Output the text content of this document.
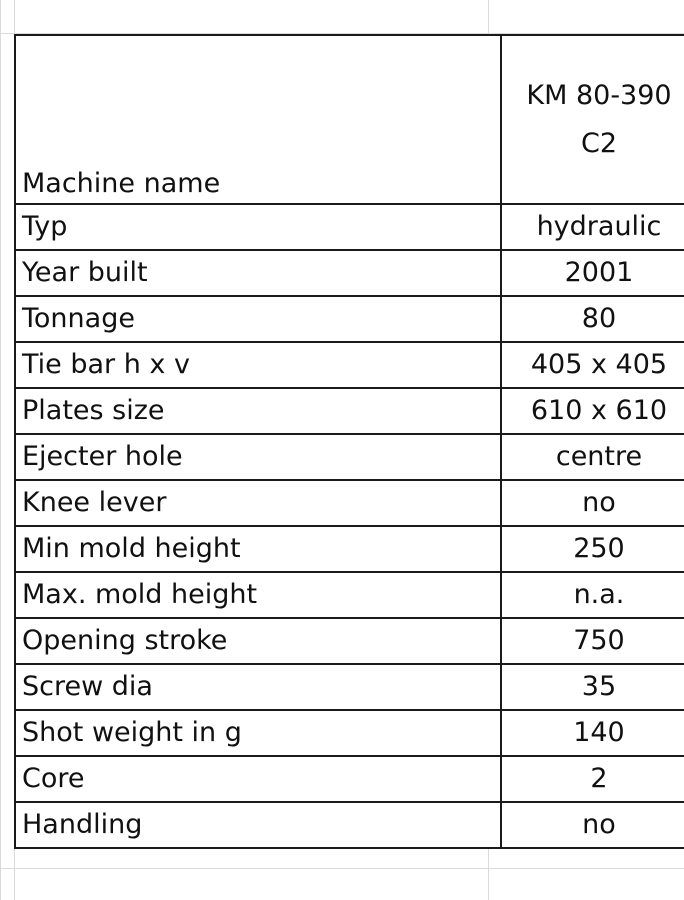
Machine name	KM 80-390
C2

Typ	hydraulic
Year built	2001
Tonnage	80
Tie bar h x v	405 x 405
Plates size	610 x 610
Ejecter hole	centre
Knee lever	no
Min mold height	250
Max. mold height	n.a.
Opening stroke	750
Screw dia	35
Shot weight in g	140
Core	2
Handling	no
